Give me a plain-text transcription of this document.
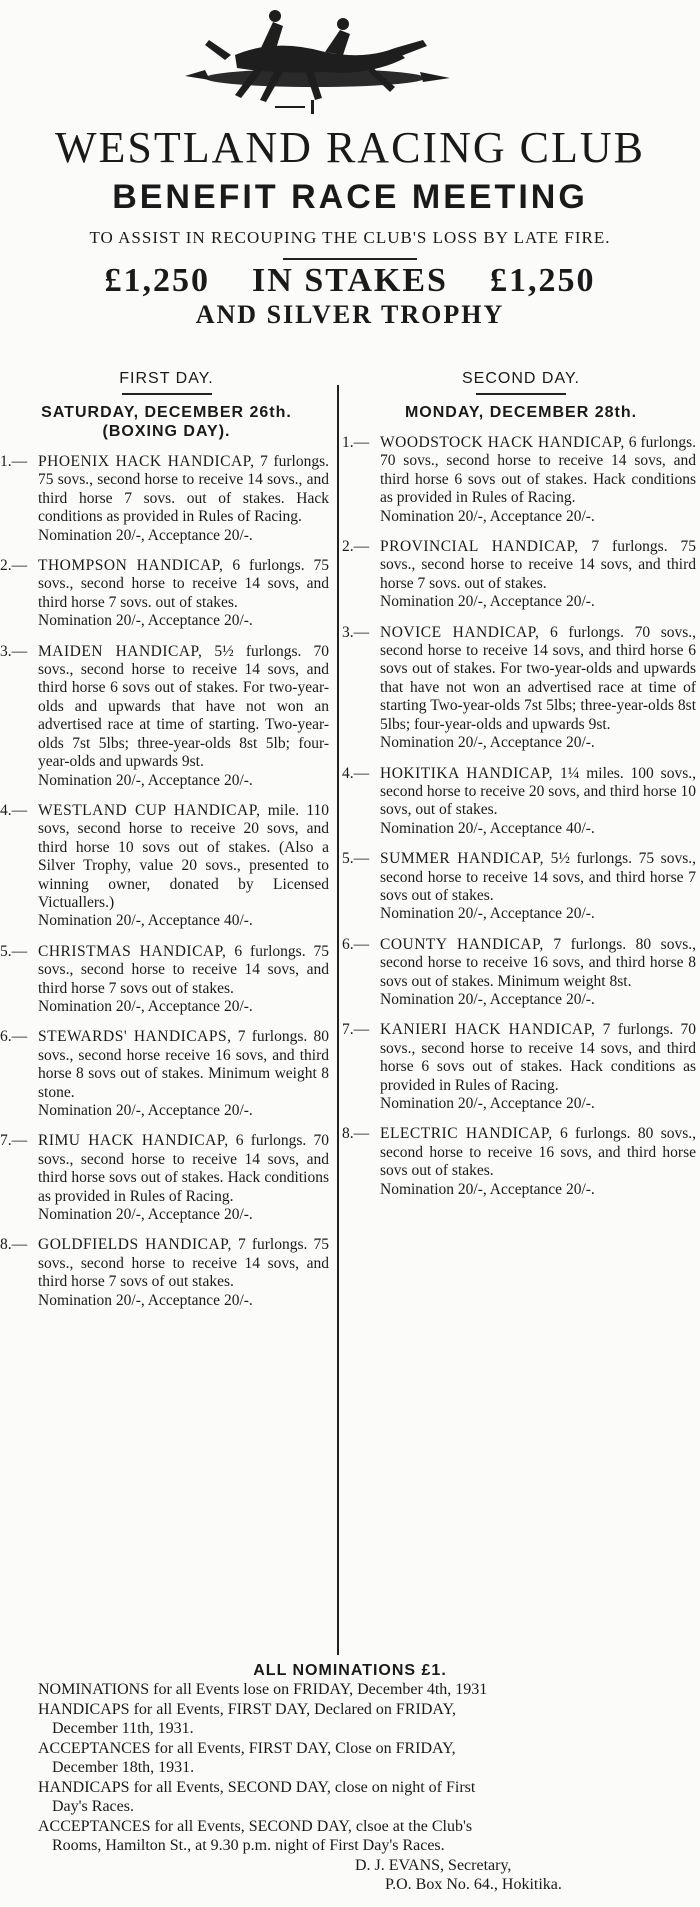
WESTLAND RACING CLUB
BENEFIT RACE MEETING
TO ASSIST IN RECOUPING THE CLUB'S LOSS BY LATE FIRE.
£1,250 IN STAKES £1,250
AND SILVER TROPHY
FIRST DAY.
SATURDAY, DECEMBER 26th.
(BOXING DAY).
1.— PHOENIX HACK HANDICAP, 7 furlongs. 75 sovs., second horse to receive 14 sovs., and third horse 7 sovs. out of stakes. Hack conditions as provided in Rules of Racing.
Nomination 20/-, Acceptance 20/-.
2.— THOMPSON HANDICAP, 6 furlongs. 75 sovs., second horse to receive 14 sovs, and third horse 7 sovs. out of stakes.
Nomination 20/-, Acceptance 20/-.
3.— MAIDEN HANDICAP, 5½ furlongs. 70 sovs., second horse to receive 14 sovs, and third horse 6 sovs out of stakes. For two-year-olds and upwards that have not won an advertised race at time of starting. Two-year-olds 7st 5lbs; three-year-olds 8st 5lb; four-year-olds and upwards 9st.
Nomination 20/-, Acceptance 20/-.
4.— WESTLAND CUP HANDICAP, mile. 110 sovs, second horse to receive 20 sovs, and third horse 10 sovs out of stakes. (Also a Silver Trophy, value 20 sovs., presented to winning owner, donated by Licensed Victuallers.)
Nomination 20/-, Acceptance 40/-.
5.— CHRISTMAS HANDICAP, 6 furlongs. 75 sovs., second horse to receive 14 sovs, and third horse 7 sovs out of stakes.
Nomination 20/-, Acceptance 20/-.
6.— STEWARDS' HANDICAPS, 7 furlongs. 80 sovs., second horse receive 16 sovs, and third horse 8 sovs out of stakes. Minimum weight 8 stone.
Nomination 20/-, Acceptance 20/-.
7.— RIMU HACK HANDICAP, 6 furlongs. 70 sovs., second horse to receive 14 sovs, and third horse sovs out of stakes. Hack conditions as provided in Rules of Racing.
Nomination 20/-, Acceptance 20/-.
8.— GOLDFIELDS HANDICAP, 7 furlongs. 75 sovs., second horse to receive 14 sovs, and third horse 7 sovs of out stakes.
Nomination 20/-, Acceptance 20/-.
SECOND DAY.
MONDAY, DECEMBER 28th.
1.— WOODSTOCK HACK HANDICAP, 6 furlongs. 70 sovs., second horse to receive 14 sovs, and third horse 6 sovs out of stakes. Hack conditions as provided in Rules of Racing.
Nomination 20/-, Acceptance 20/-.
2.— PROVINCIAL HANDICAP, 7 furlongs. 75 sovs., second horse to receive 14 sovs, and third horse 7 sovs. out of stakes.
Nomination 20/-, Acceptance 20/-.
3.— NOVICE HANDICAP, 6 furlongs. 70 sovs., second horse to receive 14 sovs, and third horse 6 sovs out of stakes. For two-year-olds and upwards that have not won an advertised race at time of starting Two-year-olds 7st 5lbs; three-year-olds 8st 5lbs; four-year-olds and upwards 9st.
Nomination 20/-, Acceptance 20/-.
4.— HOKITIKA HANDICAP, 1¼ miles. 100 sovs., second horse to receive 20 sovs, and third horse 10 sovs, out of stakes.
Nomination 20/-, Acceptance 40/-.
5.— SUMMER HANDICAP, 5½ furlongs. 75 sovs., second horse to receive 14 sovs, and third horse 7 sovs out of stakes.
Nomination 20/-, Acceptance 20/-.
6.— COUNTY HANDICAP, 7 furlongs. 80 sovs., second horse to receive 16 sovs, and third horse 8 sovs out of stakes. Minimum weight 8st.
Nomination 20/-, Acceptance 20/-.
7.— KANIERI HACK HANDICAP, 7 furlongs. 70 sovs., second horse to receive 14 sovs, and third horse 6 sovs out of stakes. Hack conditions as provided in Rules of Racing.
Nomination 20/-, Acceptance 20/-.
8.— ELECTRIC HANDICAP, 6 furlongs. 80 sovs., second horse to receive 16 sovs, and third horse sovs out of stakes.
Nomination 20/-, Acceptance 20/-.
ALL NOMINATIONS £1.
NOMINATIONS for all Events lose on FRIDAY, December 4th, 1931
HANDICAPS for all Events, FIRST DAY, Declared on FRIDAY,
December 11th, 1931.
ACCEPTANCES for all Events, FIRST DAY, Close on FRIDAY,
December 18th, 1931.
HANDICAPS for all Events, SECOND DAY, close on night of First
Day's Races.
ACCEPTANCES for all Events, SECOND DAY, clsoe at the Club's
Rooms, Hamilton St., at 9.30 p.m. night of First Day's Races.
D. J. EVANS, Secretary,
P.O. Box No. 64., Hokitika.
